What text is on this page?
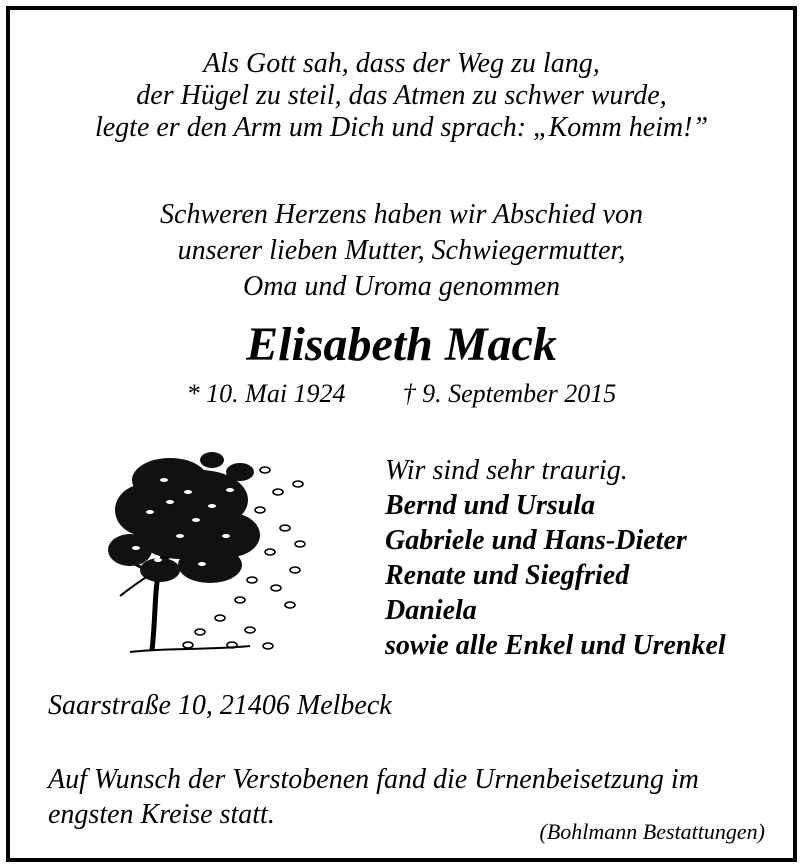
Als Gott sah, dass der Weg zu lang,
der Hügel zu steil, das Atmen zu schwer wurde,
legte er den Arm um Dich und sprach: „Komm heim!”
Schweren Herzens haben wir Abschied von
unserer lieben Mutter, Schwiegermutter,
Oma und Uroma genommen
Elisabeth Mack
* 10. Mai 1924 † 9. September 2015
Wir sind sehr traurig.
Bernd und Ursula
Gabriele und Hans-Dieter
Renate und Siegfried
Daniela
sowie alle Enkel und Urenkel
Saarstraße 10, 21406 Melbeck
Auf Wunsch der Verstobenen fand die Urnenbeisetzung im
engsten Kreise statt.
(Bohlmann Bestattungen)
